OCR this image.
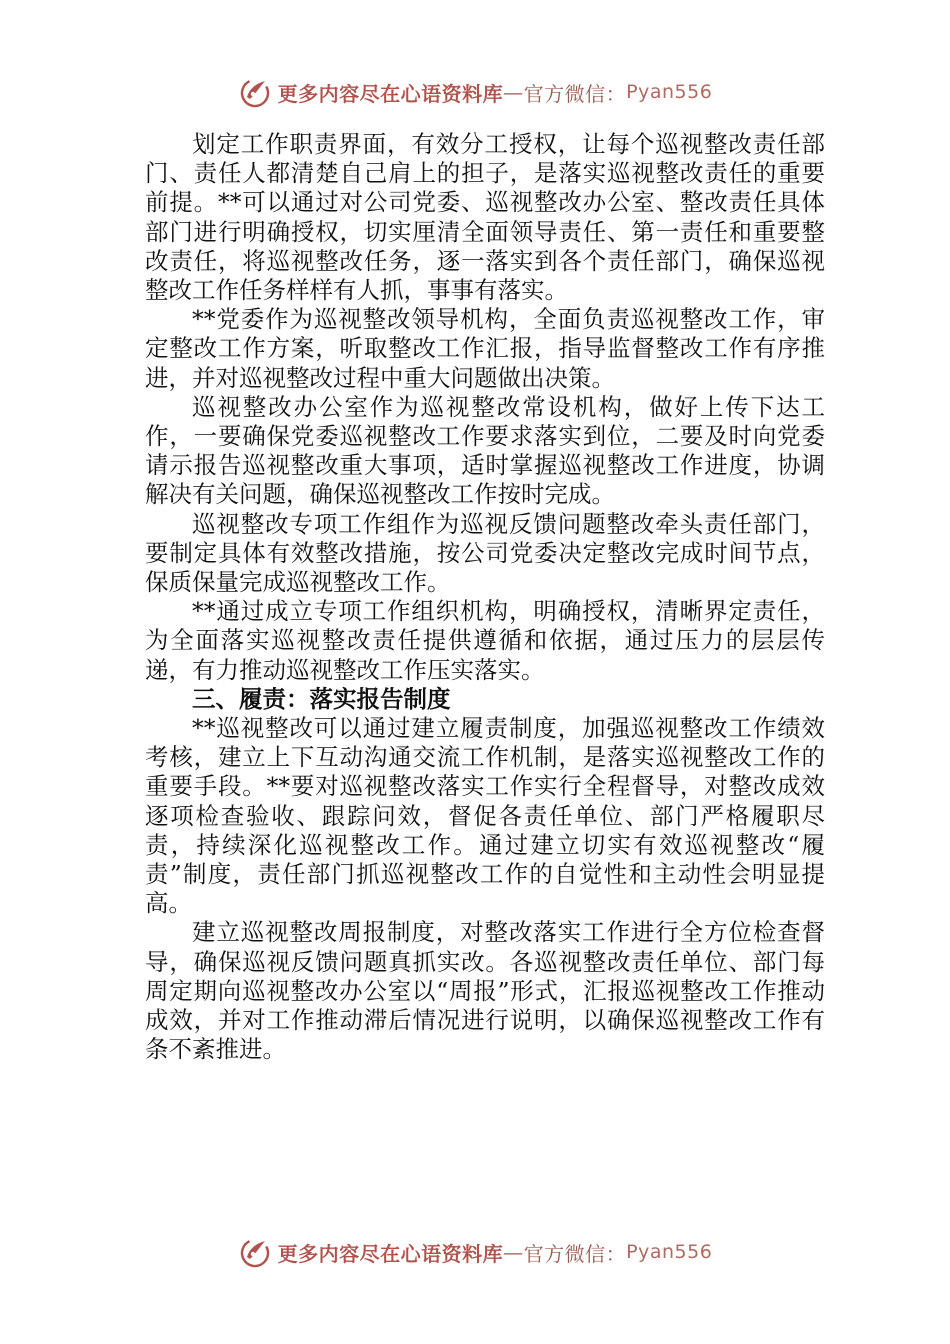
更多内容尽在心语资料库 — 官方微信： Pyan556

划定工作职责界面，有效分工授权，让每个巡视整改责任部门、责任人都清楚自己肩上的担子，是落实巡视整改责任的重要前提。**可以通过对公司党委、巡视整改办公室、整改责任具体部门进行明确授权，切实厘清全面领导责任、第一责任和重要整改责任，将巡视整改任务，逐一落实到各个责任部门，确保巡视整改工作任务样样有人抓，事事有落实。

**党委作为巡视整改领导机构，全面负责巡视整改工作，审定整改工作方案，听取整改工作汇报，指导监督整改工作有序推进，并对巡视整改过程中重大问题做出决策。

巡视整改办公室作为巡视整改常设机构，做好上传下达工作，一要确保党委巡视整改工作要求落实到位，二要及时向党委请示报告巡视整改重大事项，适时掌握巡视整改工作进度，协调解决有关问题，确保巡视整改工作按时完成。

巡视整改专项工作组作为巡视反馈问题整改牵头责任部门，要制定具体有效整改措施，按公司党委决定整改完成时间节点，保质保量完成巡视整改工作。

**通过成立专项工作组织机构，明确授权，清晰界定责任，为全面落实巡视整改责任提供遵循和依据，通过压力的层层传递，有力推动巡视整改工作压实落实。

三、履责：落实报告制度

**巡视整改可以通过建立履责制度，加强巡视整改工作绩效考核，建立上下互动沟通交流工作机制，是落实巡视整改工作的重要手段。**要对巡视整改落实工作实行全程督导，对整改成效逐项检查验收、跟踪问效，督促各责任单位、部门严格履职尽责，持续深化巡视整改工作。通过建立切实有效巡视整改“履责”制度，责任部门抓巡视整改工作的自觉性和主动性会明显提高。

建立巡视整改周报制度，对整改落实工作进行全方位检查督导，确保巡视反馈问题真抓实改。各巡视整改责任单位、部门每周定期向巡视整改办公室以“周报”形式，汇报巡视整改工作推动成效，并对工作推动滞后情况进行说明，以确保巡视整改工作有条不紊推进。

更多内容尽在心语资料库 — 官方微信： Pyan556
